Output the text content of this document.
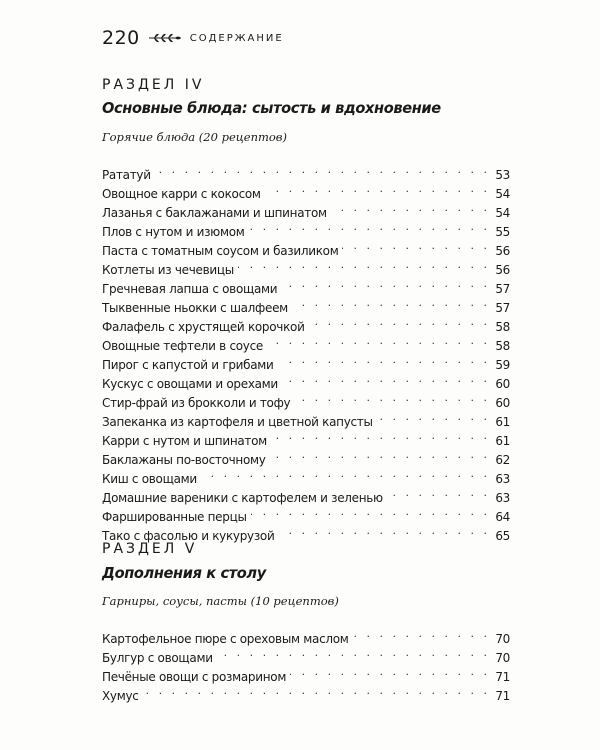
220	СОДЕРЖАНИЕ
РАЗДЕЛ IV
Основные блюда: сытость и вдохновение
Горячие блюда (20 рецептов)
Рататуй . . .	53
Овощное карри с кокосом . . .	54
Лазанья с баклажанами и шпинатом . . .	54
Плов с нутом и изюмом . . .	55
Паста с томатным соусом и базиликом . . .	56
Котлеты из чечевицы . . .	56
Гречневая лапша с овощами . . .	57
Тыквенные ньокки с шалфеем . . .	57
Фалафель с хрустящей корочкой . . .	58
Овощные тефтели в соусе . . .	58
Пирог с капустой и грибами . . .	59
Кускус с овощами и орехами . . .	60
Стир-фрай из брокколи и тофу . . .	60
Запеканка из картофеля и цветной капусты . . .	61
Карри с нутом и шпинатом . . .	61
Баклажаны по-восточному . . .	62
Киш с овощами . . .	63
Домашние вареники с картофелем и зеленью . . .	63
Фаршированные перцы . . .	64
Тако с фасолью и кукурузой . . .	65
РАЗДЕЛ V
Дополнения к столу
Гарниры, соусы, пасты (10 рецептов)
Картофельное пюре с ореховым маслом . . .	70
Булгур с овощами . . .	70
Печёные овощи с розмарином . . .	71
Хумус . . .	71
